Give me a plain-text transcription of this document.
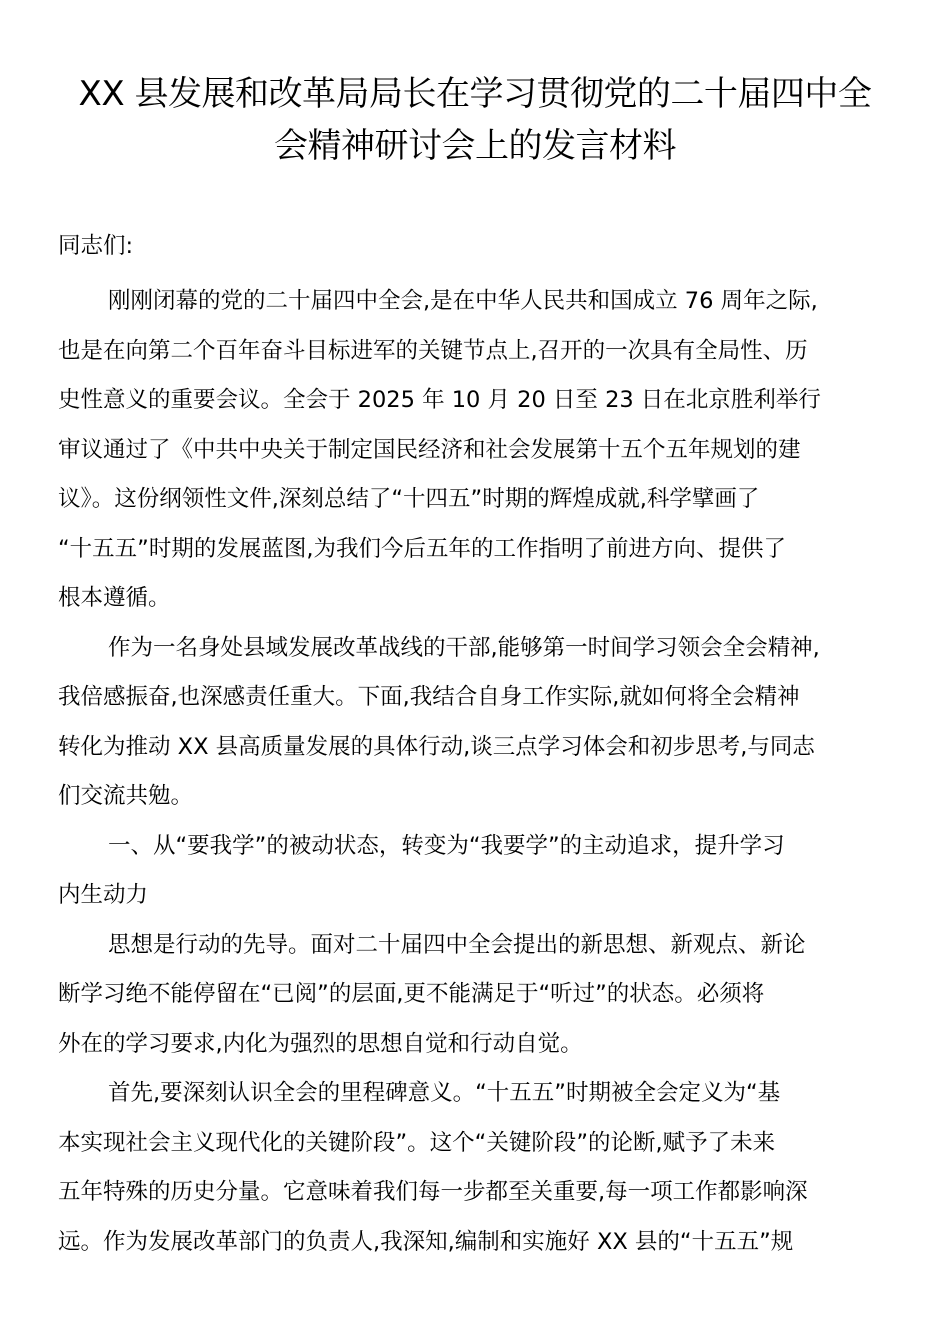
XX 县发展和改革局局长在学习贯彻党的二十届四中全
会精神研讨会上的发言材料
同志们:
刚刚闭幕的党的二十届四中全会,是在中华人民共和国成立 76 周年之际,
也是在向第二个百年奋斗目标进军的关键节点上,召开的一次具有全局性、历
史性意义的重要会议。全会于 2025 年 10 月 20 日至 23 日在北京胜利举行
审议通过了《中共中央关于制定国民经济和社会发展第十五个五年规划的建
议》。这份纲领性文件,深刻总结了“十四五”时期的辉煌成就,科学擘画了
“十五五”时期的发展蓝图,为我们今后五年的工作指明了前进方向、提供了
根本遵循。
作为一名身处县域发展改革战线的干部,能够第一时间学习领会全会精神,
我倍感振奋,也深感责任重大。下面,我结合自身工作实际,就如何将全会精神
转化为推动 XX 县高质量发展的具体行动,谈三点学习体会和初步思考,与同志
们交流共勉。
一、从“要我学”的被动状态，转变为“我要学”的主动追求，提升学习
内生动力
思想是行动的先导。面对二十届四中全会提出的新思想、新观点、新论
断学习绝不能停留在“已阅”的层面,更不能满足于“听过”的状态。必须将
外在的学习要求,内化为强烈的思想自觉和行动自觉。
首先,要深刻认识全会的里程碑意义。“十五五”时期被全会定义为“基
本实现社会主义现代化的关键阶段”。这个“关键阶段”的论断,赋予了未来
五年特殊的历史分量。它意味着我们每一步都至关重要,每一项工作都影响深
远。作为发展改革部门的负责人,我深知,编制和实施好 XX 县的“十五五”规
